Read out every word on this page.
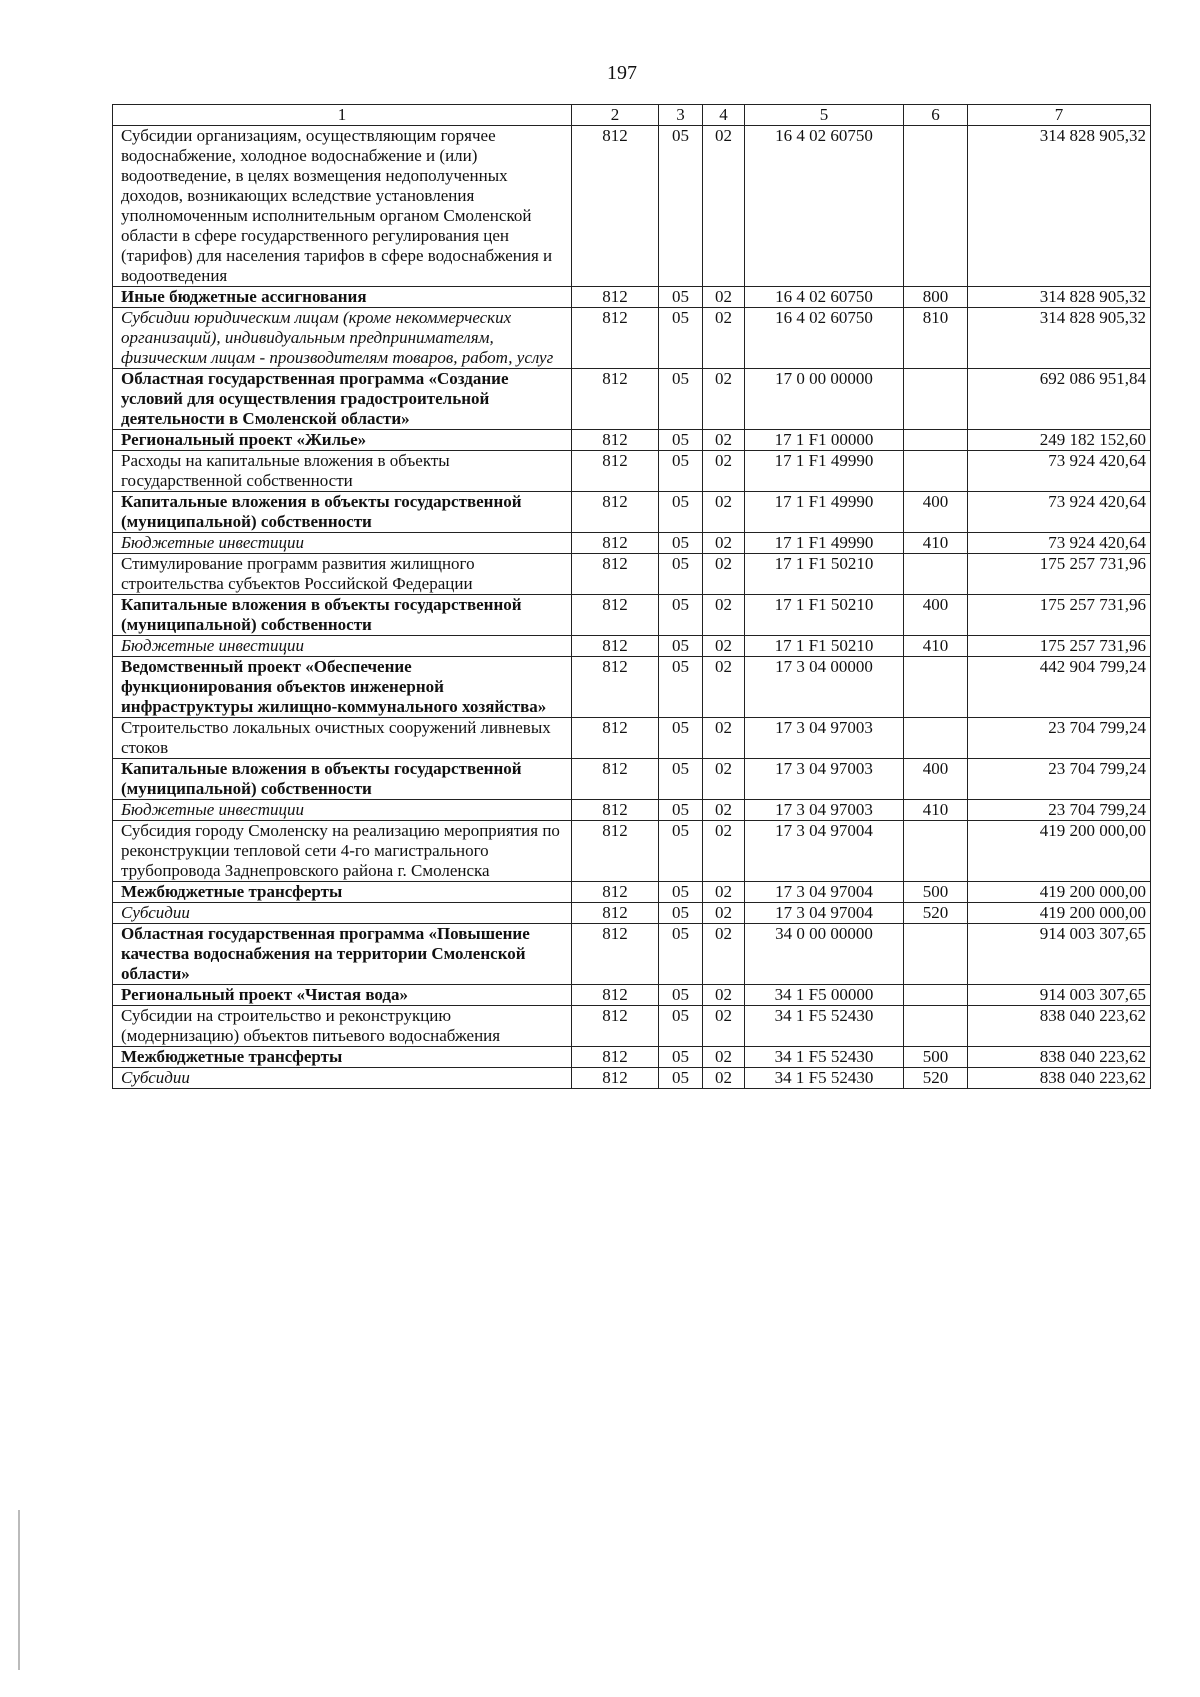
197
1	2	3	4	5	6	7
Субсидии организациям, осуществляющим горячее водоснабжение, холодное водоснабжение и (или) водоотведение, в целях возмещения недополученных доходов, возникающих вследствие установления уполномоченным исполнительным органом Смоленской области в сфере государственного регулирования цен (тарифов) для населения тарифов в сфере водоснабжения и водоотведения	812	05	02	16 4 02 60750		314 828 905,32
Иные бюджетные ассигнования	812	05	02	16 4 02 60750	800	314 828 905,32
Субсидии юридическим лицам (кроме некоммерческих организаций), индивидуальным предпринимателям, физическим лицам - производителям товаров, работ, услуг	812	05	02	16 4 02 60750	810	314 828 905,32
Областная государственная программа «Создание условий для осуществления градостроительной деятельности в Смоленской области»	812	05	02	17 0 00 00000		692 086 951,84
Региональный проект «Жилье»	812	05	02	17 1 F1 00000		249 182 152,60
Расходы на капитальные вложения в объекты государственной собственности	812	05	02	17 1 F1 49990		73 924 420,64
Капитальные вложения в объекты государственной (муниципальной) собственности	812	05	02	17 1 F1 49990	400	73 924 420,64
Бюджетные инвестиции	812	05	02	17 1 F1 49990	410	73 924 420,64
Стимулирование программ развития жилищного строительства субъектов Российской Федерации	812	05	02	17 1 F1 50210		175 257 731,96
Капитальные вложения в объекты государственной (муниципальной) собственности	812	05	02	17 1 F1 50210	400	175 257 731,96
Бюджетные инвестиции	812	05	02	17 1 F1 50210	410	175 257 731,96
Ведомственный проект «Обеспечение функционирования объектов инженерной инфраструктуры жилищно-коммунального хозяйства»	812	05	02	17 3 04 00000		442 904 799,24
Строительство локальных очистных сооружений ливневых стоков	812	05	02	17 3 04 97003		23 704 799,24
Капитальные вложения в объекты государственной (муниципальной) собственности	812	05	02	17 3 04 97003	400	23 704 799,24
Бюджетные инвестиции	812	05	02	17 3 04 97003	410	23 704 799,24
Субсидия городу Смоленску на реализацию мероприятия по реконструкции тепловой сети 4-го магистрального трубопровода Заднепровского района г. Смоленска	812	05	02	17 3 04 97004		419 200 000,00
Межбюджетные трансферты	812	05	02	17 3 04 97004	500	419 200 000,00
Субсидии	812	05	02	17 3 04 97004	520	419 200 000,00
Областная государственная программа «Повышение качества водоснабжения на территории Смоленской области»	812	05	02	34 0 00 00000		914 003 307,65
Региональный проект «Чистая вода»	812	05	02	34 1 F5 00000		914 003 307,65
Субсидии на строительство и реконструкцию (модернизацию) объектов питьевого водоснабжения	812	05	02	34 1 F5 52430		838 040 223,62
Межбюджетные трансферты	812	05	02	34 1 F5 52430	500	838 040 223,62
Субсидии	812	05	02	34 1 F5 52430	520	838 040 223,62
